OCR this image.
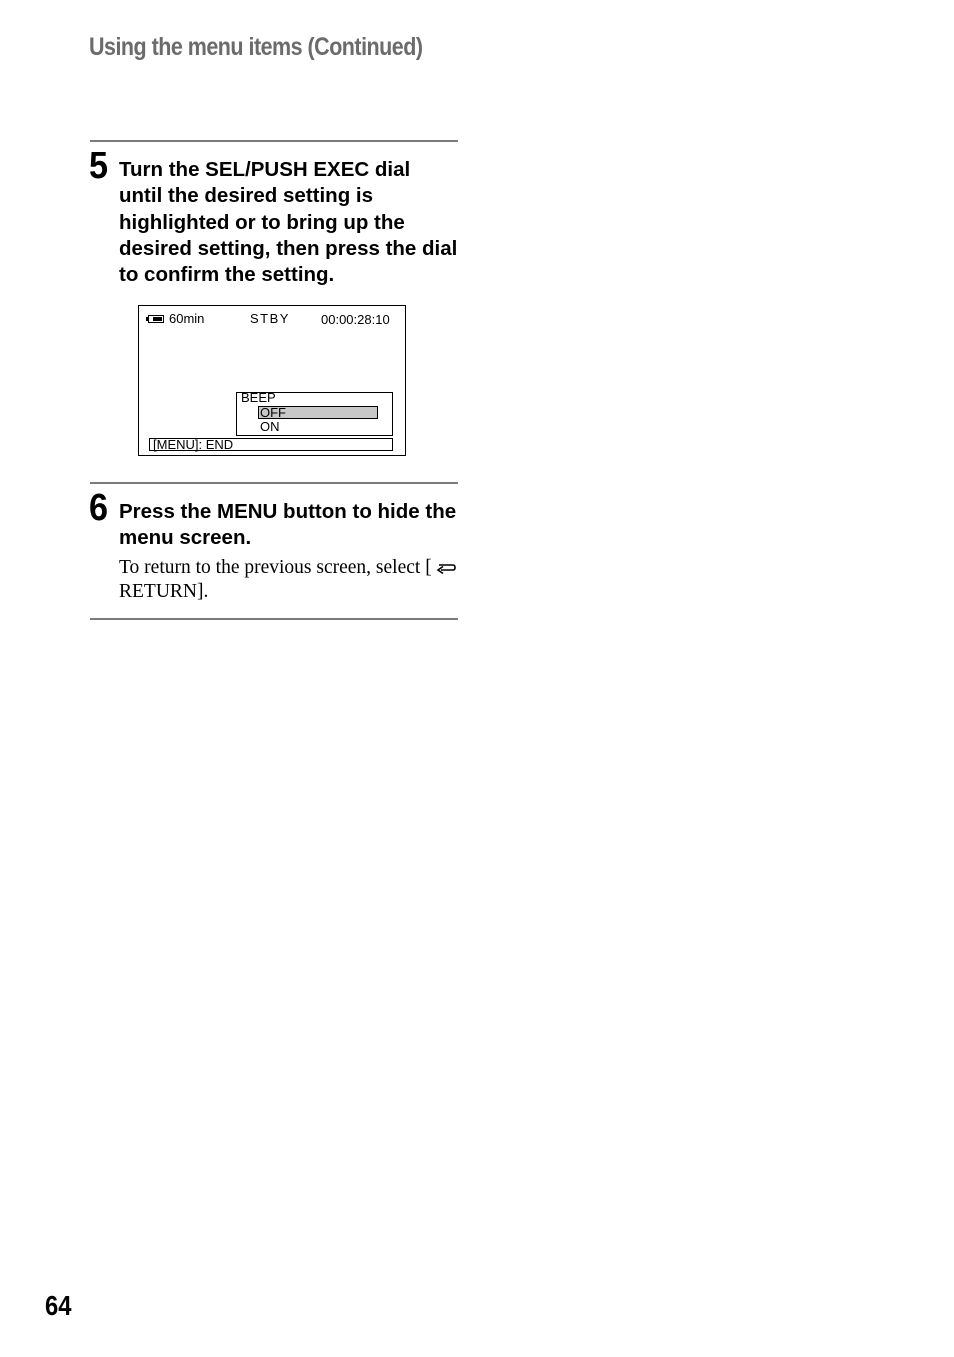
Using the menu items (Continued)
5 Turn the SEL/PUSH EXEC dial until the desired setting is highlighted or to bring up the desired setting, then press the dial to confirm the setting.
60min	STBY 00:00:28:10
BEEP
OFF
ON
[MENU]: END
6 Press the MENU button to hide the menu screen.
To return to the previous screen, select [ RETURN].
64
